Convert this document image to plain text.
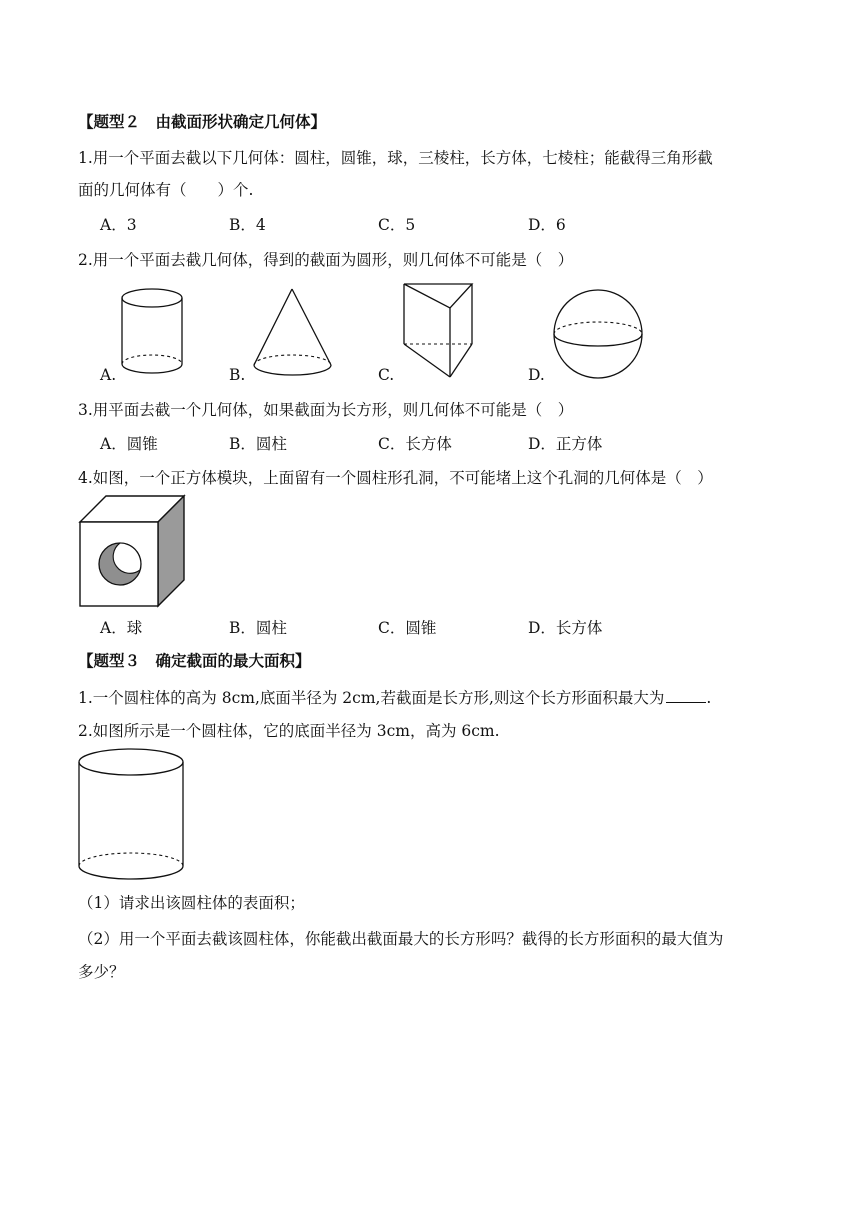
【题型２　由截面形状确定几何体】
1.用一个平面去截以下几何体：圆柱，圆锥，球，三棱柱，长方体，七棱柱；能截得三角形截
面的几何体有（　　）个.
A．3	B．4	C．5	D．6
2.用一个平面去截几何体，得到的截面为圆形，则几何体不可能是（　）
A.	B.	C.	D.
3.用平面去截一个几何体，如果截面为长方形，则几何体不可能是（　）
A．圆锥	B．圆柱	C．长方体	D．正方体
4.如图，一个正方体模块，上面留有一个圆柱形孔洞，不可能堵上这个孔洞的几何体是（　）
A．球	B．圆柱	C．圆锥	D．长方体
【题型３　确定截面的最大面积】
1.一个圆柱体的高为 8cm,底面半径为 2cm,若截面是长方形,则这个长方形面积最大为	.
2.如图所示是一个圆柱体，它的底面半径为 3cm，高为 6cm.
（1）请求出该圆柱体的表面积；
（2）用一个平面去截该圆柱体，你能截出截面最大的长方形吗？截得的长方形面积的最大值为
多少？
